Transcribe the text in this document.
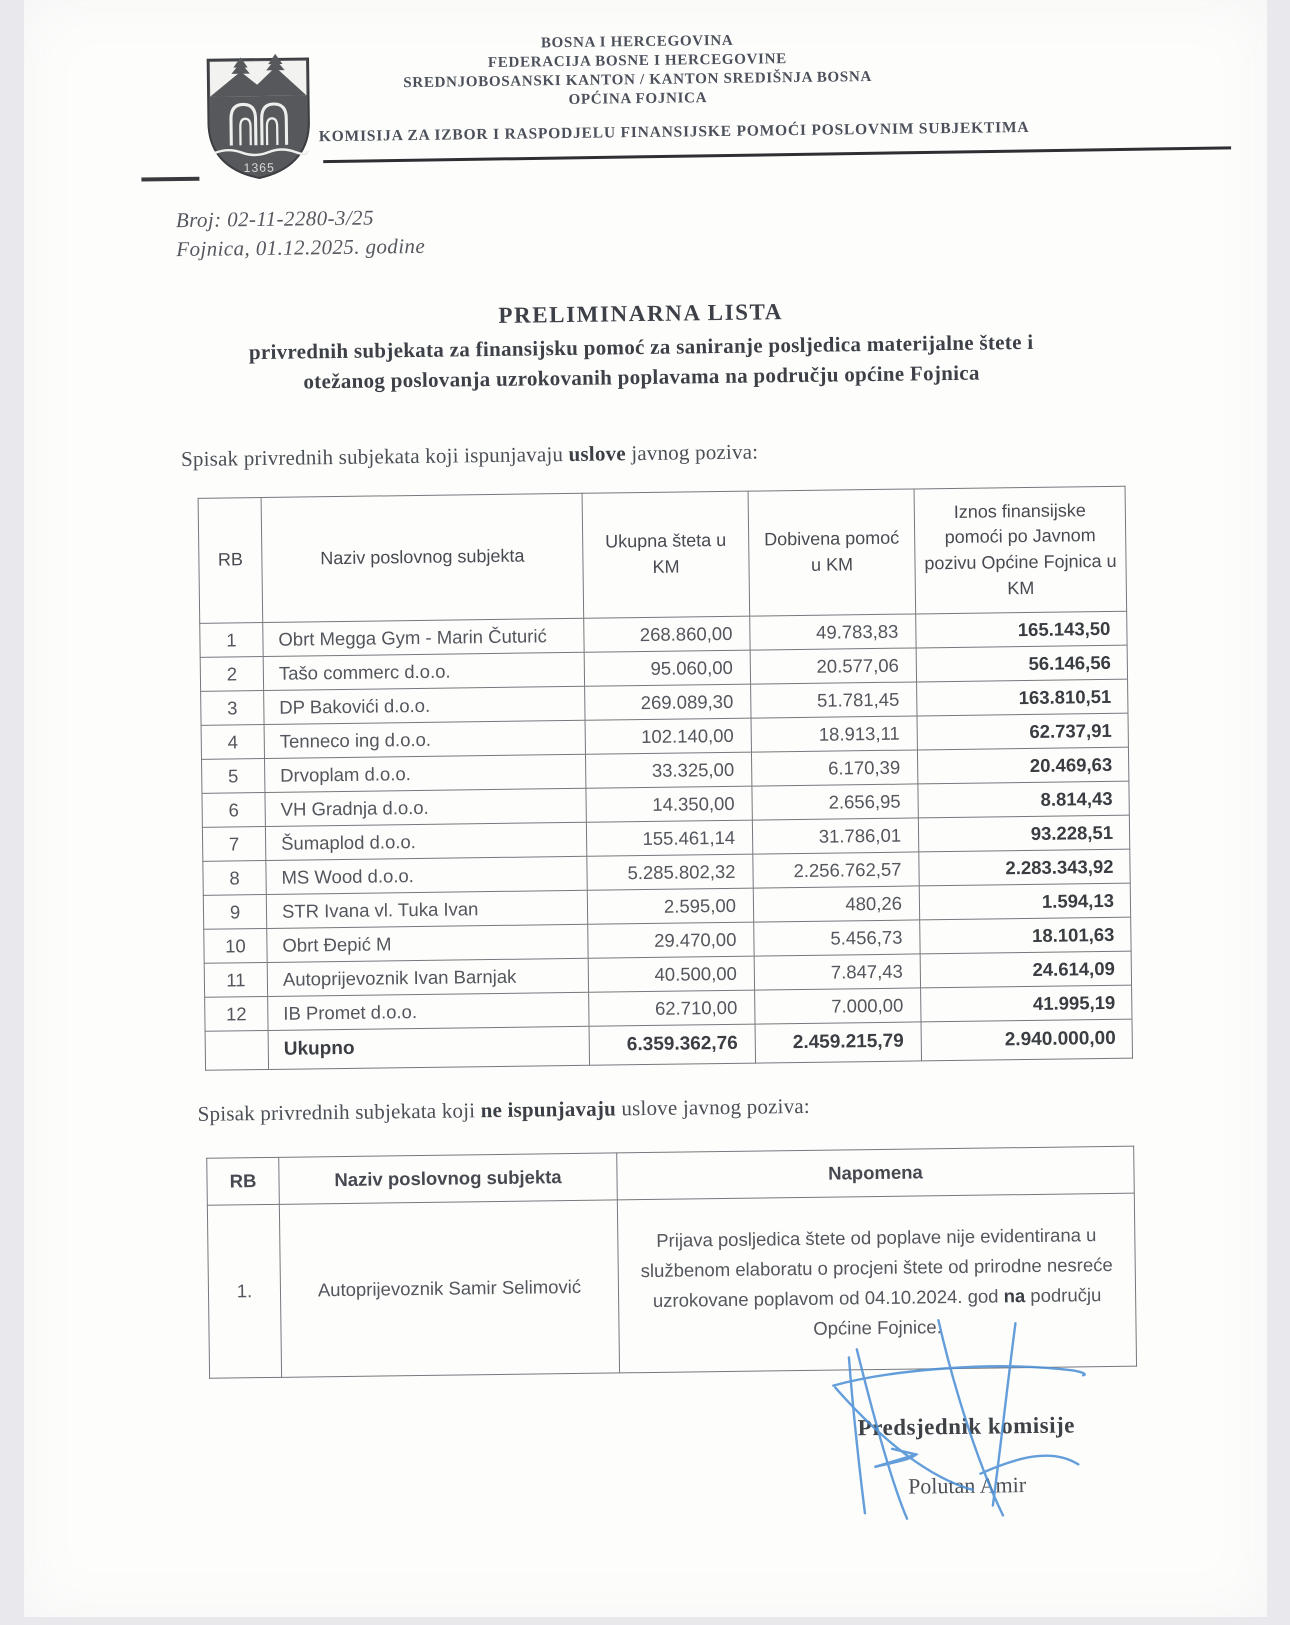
1365
BOSNA I HERCEGOVINA
FEDERACIJA BOSNE I HERCEGOVINE
SREDNJOBOSANSKI KANTON / KANTON SREDIŠNJA BOSNA
OPĆINA FOJNICA
KOMISIJA ZA IZBOR I RASPODJELU FINANSIJSKE POMOĆI POSLOVNIM SUBJEKTIMA
Broj: 02-11-2280-3/25
Fojnica, 01.12.2025. godine
PRELIMINARNA LISTA
privrednih subjekata za finansijsku pomoć za saniranje posljedica materijalne štete i
otežanog poslovanja uzrokovanih poplavama na području općine Fojnica
Spisak privrednih subjekata koji ispunjavaju uslove javnog poziva:
RB	Naziv poslovnog subjekta	Ukupna šteta u KM	Dobivena pomoć u KM	Iznos finansijske pomoći po Javnom pozivu Općine Fojnica u KM
1	Obrt Megga Gym - Marin Čuturić	268.860,00	49.783,83	165.143,50
2	Tašo commerc d.o.o.	95.060,00	20.577,06	56.146,56
3	DP Bakovići d.o.o.	269.089,30	51.781,45	163.810,51
4	Tenneco ing d.o.o.	102.140,00	18.913,11	62.737,91
5	Drvoplam d.o.o.	33.325,00	6.170,39	20.469,63
6	VH Gradnja d.o.o.	14.350,00	2.656,95	8.814,43
7	Šumaplod d.o.o.	155.461,14	31.786,01	93.228,51
8	MS Wood d.o.o.	5.285.802,32	2.256.762,57	2.283.343,92
9	STR Ivana vl. Tuka Ivan	2.595,00	480,26	1.594,13
10	Obrt Đepić M	29.470,00	5.456,73	18.101,63
11	Autoprijevoznik Ivan Barnjak	40.500,00	7.847,43	24.614,09
12	IB Promet d.o.o.	62.710,00	7.000,00	41.995,19
	Ukupno	6.359.362,76	2.459.215,79	2.940.000,00
Spisak privrednih subjekata koji ne ispunjavaju uslove javnog poziva:
RB	Naziv poslovnog subjekta	Napomena
1.	Autoprijevoznik Samir Selimović	Prijava posljedica štete od poplave nije evidentirana u službenom elaboratu o procjeni štete od prirodne nesreće uzrokovane poplavom od 04.10.2024. god na području Općine Fojnice.
Predsjednik komisije
Polutan Amir
